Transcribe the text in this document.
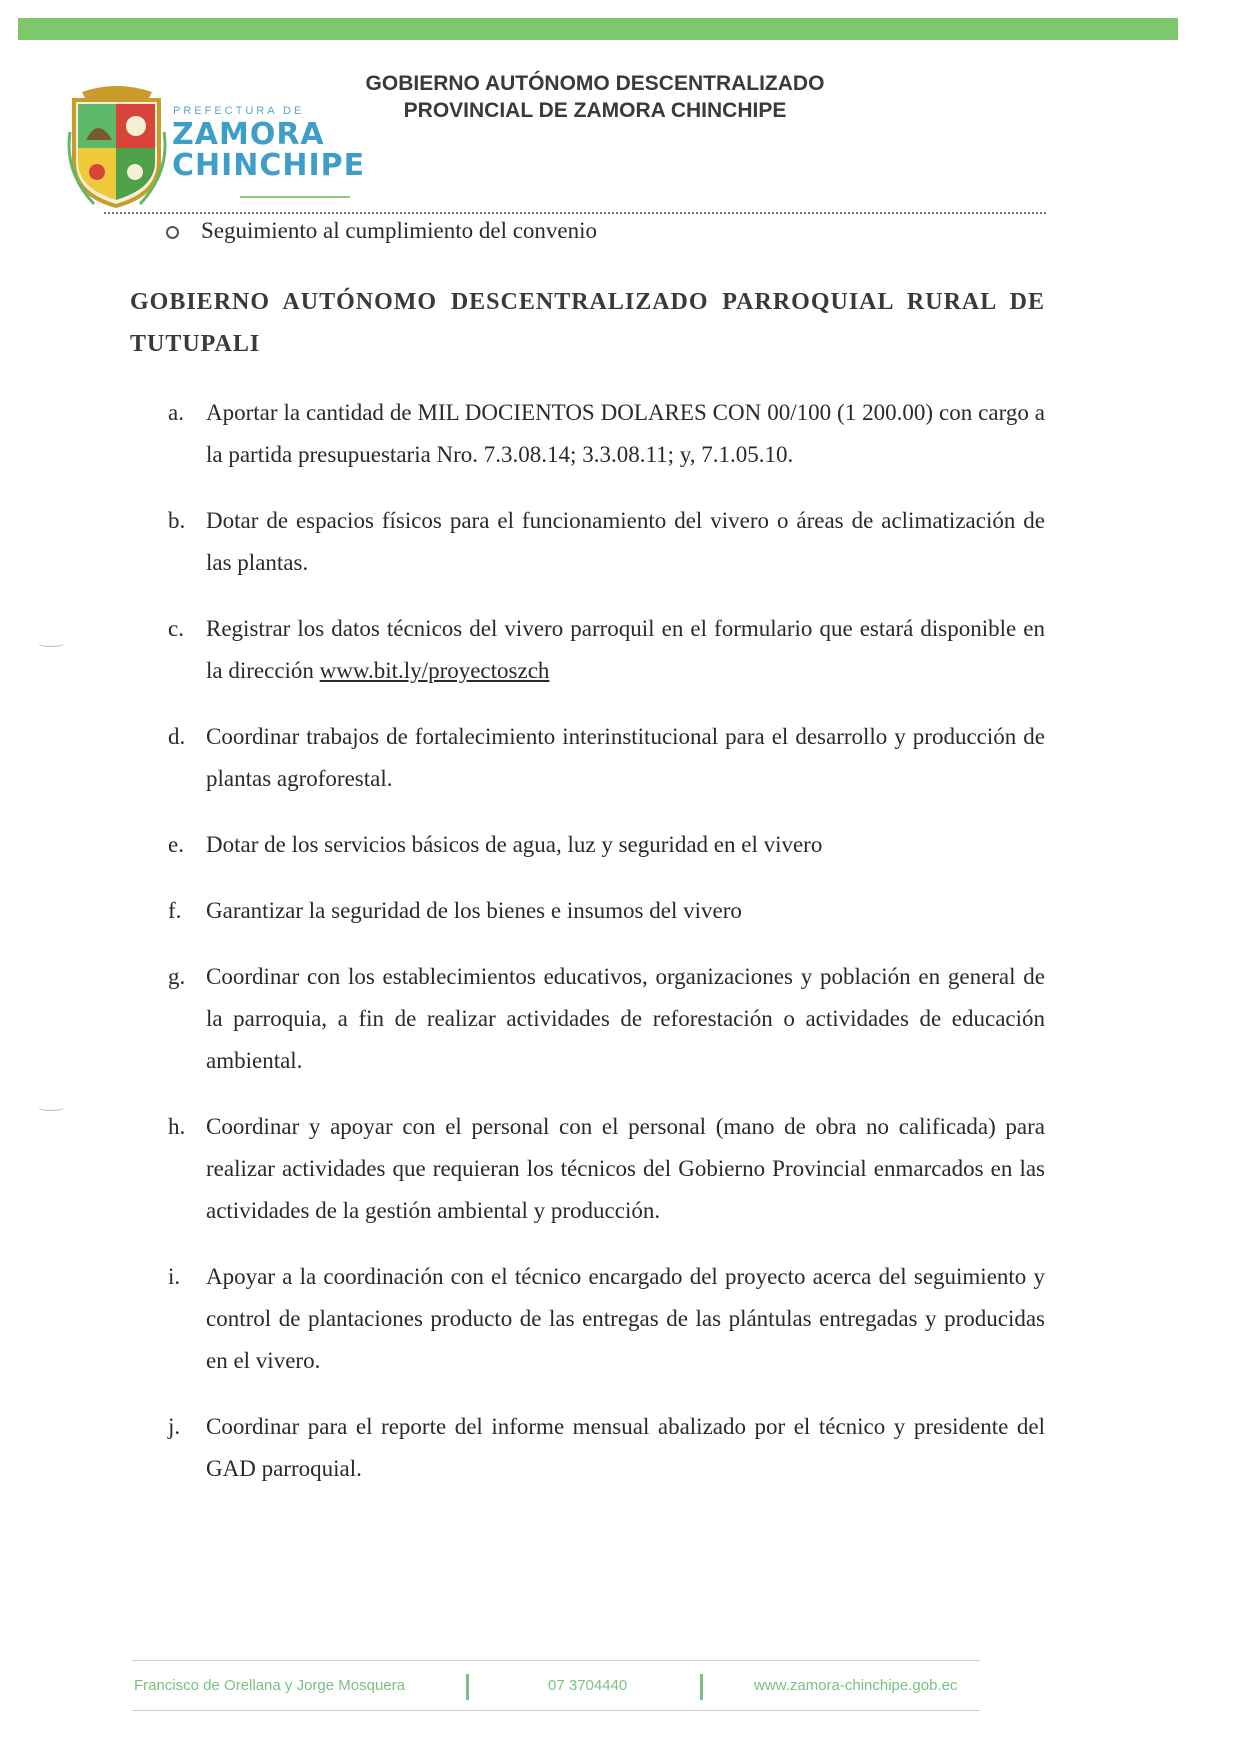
PREFECTURA DE
ZAMORA
CHINCHIPE
GOBIERNO AUTÓNOMO DESCENTRALIZADO
PROVINCIAL DE ZAMORA CHINCHIPE
Seguimiento al cumplimiento del convenio
GOBIERNO AUTÓNOMO DESCENTRALIZADO PARROQUIAL RURAL DE TUTUPALI
a. Aportar la cantidad de MIL DOCIENTOS DOLARES CON 00/100 (1 200.00) con cargo a la partida presupuestaria Nro. 7.3.08.14; 3.3.08.11; y, 7.1.05.10.
b. Dotar de espacios físicos para el funcionamiento del vivero o áreas de aclimatización de las plantas.
c. Registrar los datos técnicos del vivero parroquil en el formulario que estará disponible en la dirección www.bit.ly/proyectoszch
d. Coordinar trabajos de fortalecimiento interinstitucional para el desarrollo y producción de plantas agroforestal.
e. Dotar de los servicios básicos de agua, luz y seguridad en el vivero
f. Garantizar la seguridad de los bienes e insumos del vivero
g. Coordinar con los establecimientos educativos, organizaciones y población en general de la parroquia, a fin de realizar actividades de reforestación o actividades de educación ambiental.
h. Coordinar y apoyar con el personal con el personal (mano de obra no calificada) para realizar actividades que requieran los técnicos del Gobierno Provincial enmarcados en las actividades de la gestión ambiental y producción.
i. Apoyar a la coordinación con el técnico encargado del proyecto acerca del seguimiento y control de plantaciones producto de las entregas de las plántulas entregadas y producidas en el vivero.
j. Coordinar para el reporte del informe mensual abalizado por el técnico y presidente del GAD parroquial.
Francisco de Orellana y Jorge Mosquera	07 3704440	www.zamora-chinchipe.gob.ec
